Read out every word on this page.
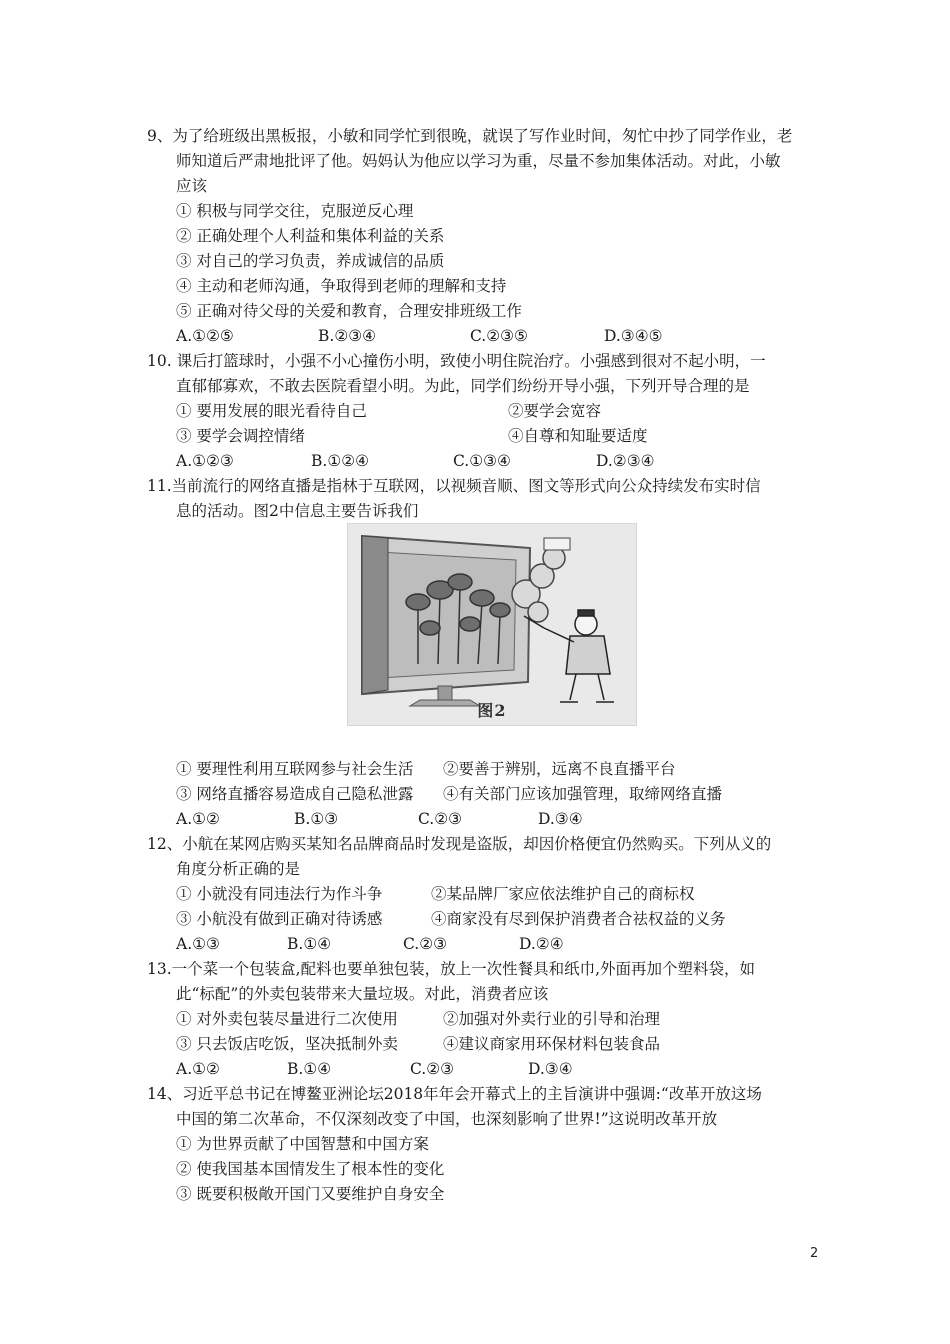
9、为了给班级出黑板报，小敏和同学忙到很晚，就误了写作业时间，匆忙中抄了同学作业，老
师知道后严肃地批评了他。妈妈认为他应以学习为重，尽量不参加集体活动。对此，小敏
应该
① 积极与同学交往，克服逆反心理
② 正确处理个人利益和集体利益的关系
③ 对自己的学习负责，养成诚信的品质
④ 主动和老师沟通，争取得到老师的理解和支持
⑤ 正确对待父母的关爱和教育，合理安排班级工作
A.①②⑤	B.②③④	C.②③⑤	D.③④⑤
10. 课后打篮球时，小强不小心撞伤小明，致使小明住院治疗。小强感到很对不起小明，一
直郁郁寡欢，不敢去医院看望小明。为此，同学们纷纷开导小强，下列开导合理的是
① 要用发展的眼光看待自己	②要学会宽容
③ 要学会调控情绪	④自尊和知耻要适度
A.①②③	B.①②④	C.①③④	D.②③④
11.当前流行的网络直播是指林于互联网，以视频音顺、图文等形式向公众持续发布实时信
息的活动。图2中信息主要告诉我们
图2
① 要理性利用互联网参与社会生活 ②要善于辨别，远离不良直播平台
③ 网络直播容易造成自己隐私泄露 ④有关部门应该加强管理，取缔网络直播
A.①②	B.①③	C.②③	D.③④
12、小航在某网店购买某知名品牌商品时发现是盗版，却因价格便宜仍然购买。下列从义的
角度分析正确的是
① 小就没有同违法行为作斗争	②某品牌厂家应依法维护自己的商标权
③ 小航没有做到正确对待诱感	④商家没有尽到保护消费者合祛权益的义务
A.①③	B.①④	C.②③	D.②④
13.一个菜一个包装盒,配料也要单独包装，放上一次性餐具和纸巾,外面再加个塑料袋，如
此“标配”的外卖包装带来大量垃圾。对此，消费者应该
① 对外卖包装尽量进行二次使用	②加强对外卖行业的引导和治理
③ 只去饭店吃饭，坚决抵制外卖	④建议商家用环保材料包装食品
A.①②	B.①④	C.②③	D.③④
14、习近平总书记在博鳌亚洲论坛2018年年会开幕式上的主旨演讲中强调:“改革开放这场
中国的第二次革命，不仅深刻改变了中国，也深刻影响了世界!”这说明改革开放
① 为世界贡献了中国智慧和中国方案
② 使我国基本国情发生了根本性的变化
③ 既要积极敞开国门又要维护自身安全
2
